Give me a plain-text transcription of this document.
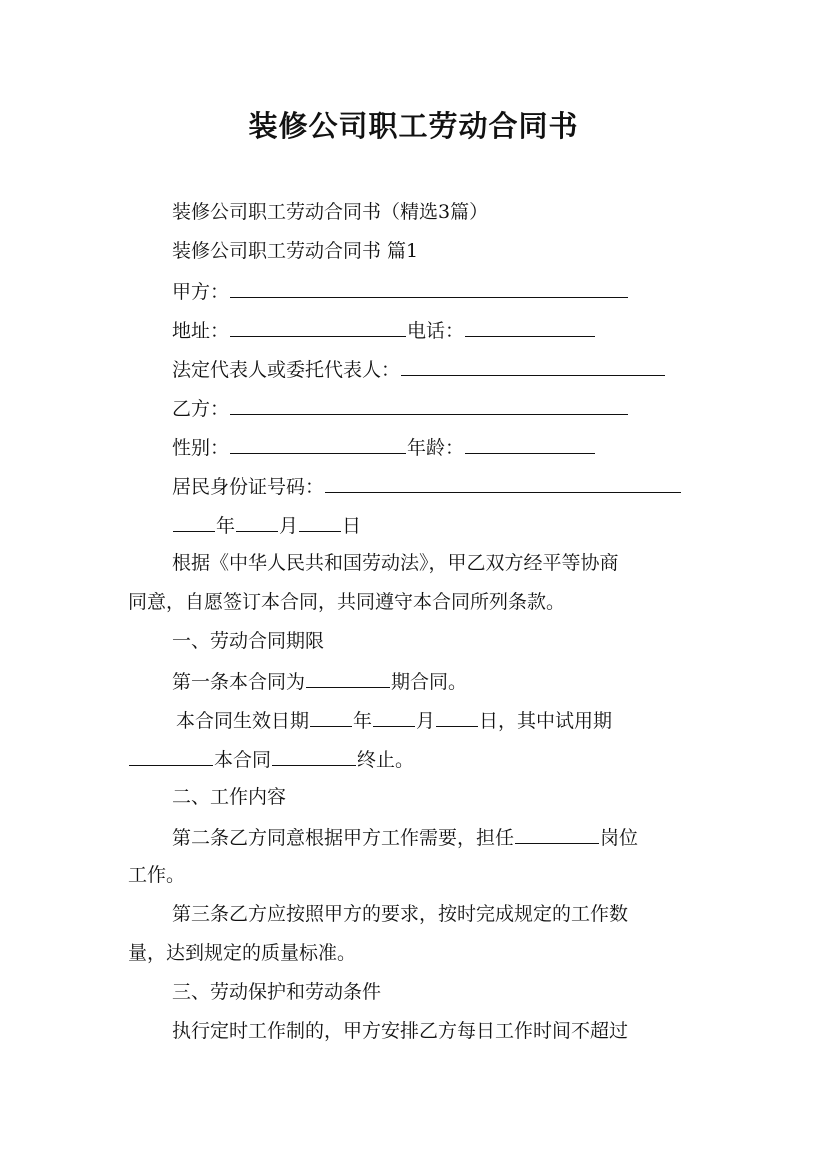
装修公司职工劳动合同书
装修公司职工劳动合同书（精选3篇）
装修公司职工劳动合同书 篇1
甲方：
地址：	电话：
法定代表人或委托代表人：
乙方：
性别：	年龄：
居民身份证号码：
年 月 日
根据《中华人民共和国劳动法》，甲乙双方经平等协商
同意，自愿签订本合同，共同遵守本合同所列条款。
一、劳动合同期限
第一条本合同为	期合同。
本合同生效日期 年 月 日，其中试用期
本合同	终止。
二、工作内容
第二条乙方同意根据甲方工作需要，担任	岗位
工作。
第三条乙方应按照甲方的要求，按时完成规定的工作数
量，达到规定的质量标准。
三、劳动保护和劳动条件
执行定时工作制的，甲方安排乙方每日工作时间不超过
